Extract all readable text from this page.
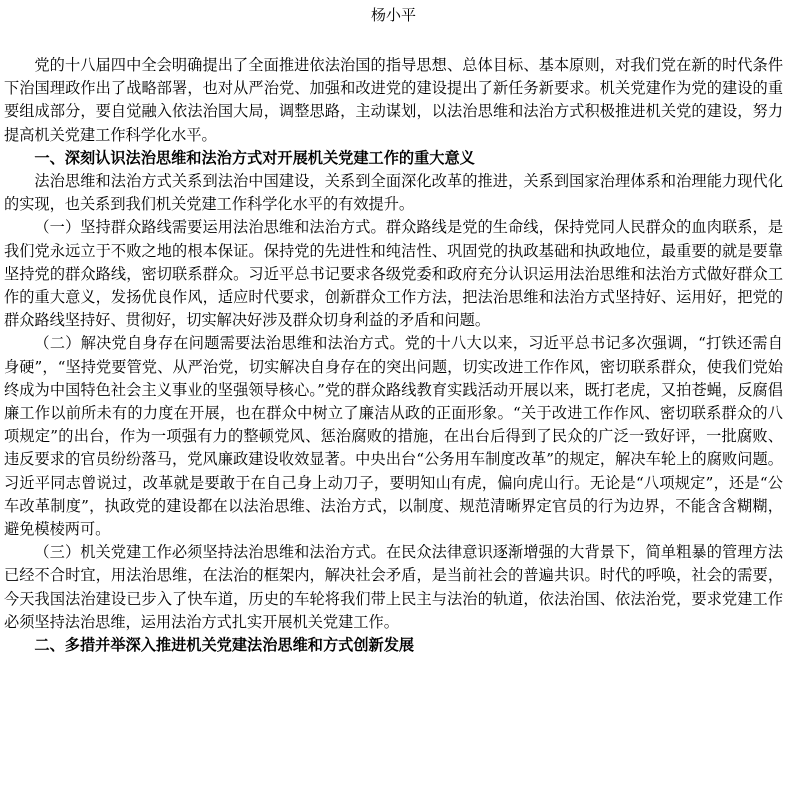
杨小平

党的十八届四中全会明确提出了全面推进依法治国的指导思想、总体目标、基本原则，对我们党在新的时代条件下治国理政作出了战略部署，也对从严治党、加强和改进党的建设提出了新任务新要求。机关党建作为党的建设的重要组成部分，要自觉融入依法治国大局，调整思路，主动谋划，以法治思维和法治方式积极推进机关党的建设，努力提高机关党建工作科学化水平。

一、深刻认识法治思维和法治方式对开展机关党建工作的重大意义

法治思维和法治方式关系到法治中国建设，关系到全面深化改革的推进，关系到国家治理体系和治理能力现代化的实现，也关系到我们机关党建工作科学化水平的有效提升。

（一）坚持群众路线需要运用法治思维和法治方式。群众路线是党的生命线，保持党同人民群众的血肉联系，是我们党永远立于不败之地的根本保证。保持党的先进性和纯洁性、巩固党的执政基础和执政地位，最重要的就是要靠坚持党的群众路线，密切联系群众。习近平总书记要求各级党委和政府充分认识运用法治思维和法治方式做好群众工作的重大意义，发扬优良作风，适应时代要求，创新群众工作方法，把法治思维和法治方式坚持好、运用好，把党的群众路线坚持好、贯彻好，切实解决好涉及群众切身利益的矛盾和问题。

（二）解决党自身存在问题需要法治思维和法治方式。党的十八大以来，习近平总书记多次强调，“打铁还需自身硬”，“坚持党要管党、从严治党，切实解决自身存在的突出问题，切实改进工作作风，密切联系群众，使我们党始终成为中国特色社会主义事业的坚强领导核心。”党的群众路线教育实践活动开展以来，既打老虎，又拍苍蝇，反腐倡廉工作以前所未有的力度在开展，也在群众中树立了廉洁从政的正面形象。“关于改进工作作风、密切联系群众的八项规定”的出台，作为一项强有力的整顿党风、惩治腐败的措施，在出台后得到了民众的广泛一致好评，一批腐败、违反要求的官员纷纷落马，党风廉政建设收效显著。中央出台“公务用车制度改革”的规定，解决车轮上的腐败问题。习近平同志曾说过，改革就是要敢于在自己身上动刀子，要明知山有虎，偏向虎山行。无论是“八项规定”，还是“公车改革制度”，执政党的建设都在以法治思维、法治方式，以制度、规范清晰界定官员的行为边界，不能含含糊糊，避免模棱两可。

（三）机关党建工作必须坚持法治思维和法治方式。在民众法律意识逐渐增强的大背景下，简单粗暴的管理方法已经不合时宜，用法治思维，在法治的框架内，解决社会矛盾，是当前社会的普遍共识。时代的呼唤，社会的需要，今天我国法治建设已步入了快车道，历史的车轮将我们带上民主与法治的轨道，依法治国、依法治党，要求党建工作必须坚持法治思维，运用法治方式扎实开展机关党建工作。

二、多措并举深入推进机关党建法治思维和方式创新发展
